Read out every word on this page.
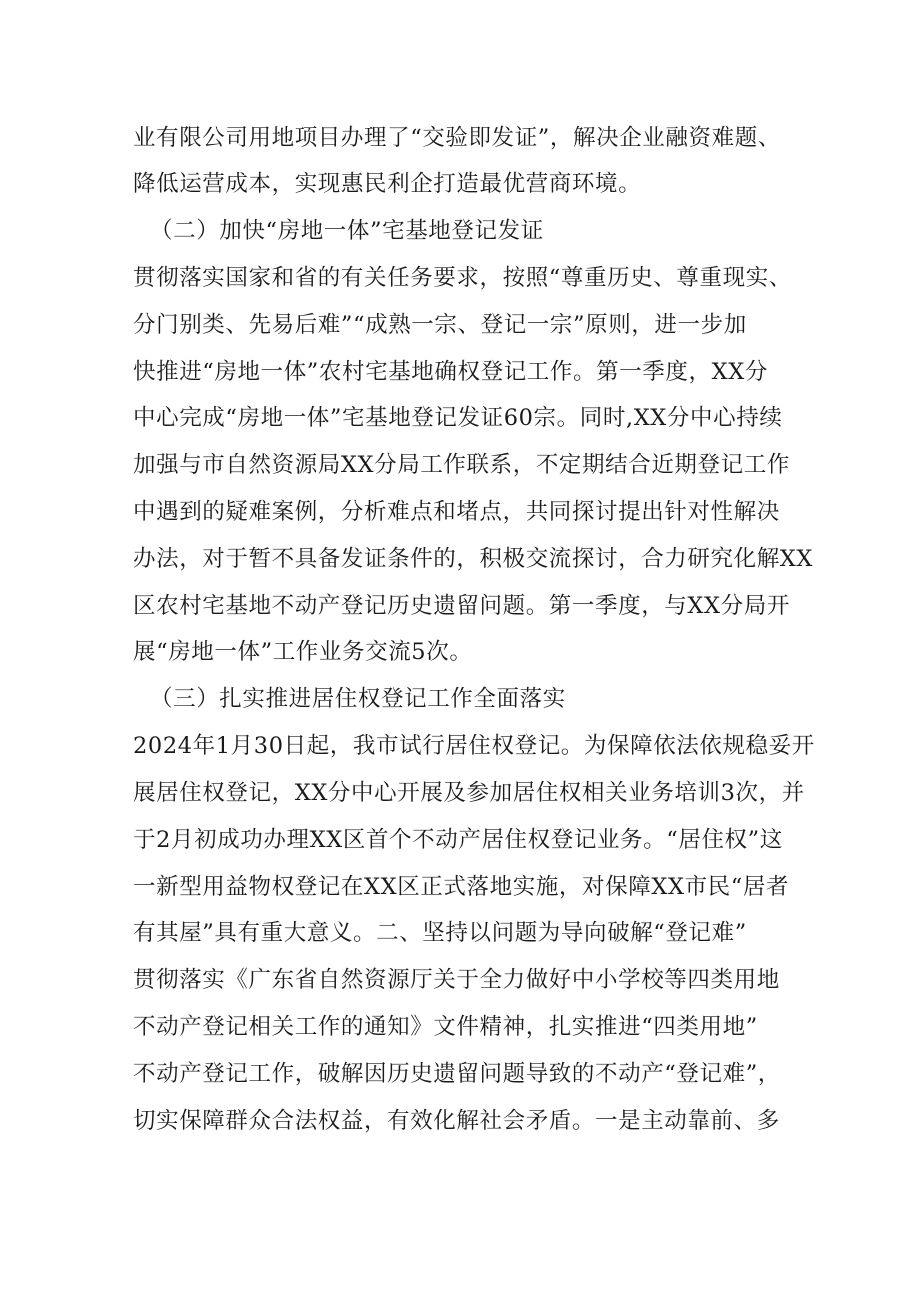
业有限公司用地项目办理了“交验即发证”，解决企业融资难题、
降低运营成本，实现惠民利企打造最优营商环境。
（二）加快“房地一体”宅基地登记发证
贯彻落实国家和省的有关任务要求，按照“尊重历史、尊重现实、
分门别类、先易后难”“成熟一宗、登记一宗”原则，进一步加
快推进“房地一体”农村宅基地确权登记工作。第一季度，XX分
中心完成“房地一体”宅基地登记发证60宗。同时,XX分中心持续
加强与市自然资源局XX分局工作联系，不定期结合近期登记工作
中遇到的疑难案例，分析难点和堵点，共同探讨提出针对性解决
办法，对于暂不具备发证条件的，积极交流探讨，合力研究化解XX
区农村宅基地不动产登记历史遗留问题。第一季度，与XX分局开
展“房地一体”工作业务交流5次。
（三）扎实推进居住权登记工作全面落实
2024年1月30日起，我市试行居住权登记。为保障依法依规稳妥开
展居住权登记，XX分中心开展及参加居住权相关业务培训3次，并
于2月初成功办理XX区首个不动产居住权登记业务。“居住权”这
一新型用益物权登记在XX区正式落地实施，对保障XX市民“居者
有其屋”具有重大意义。二、坚持以问题为导向破解“登记难”
贯彻落实《广东省自然资源厅关于全力做好中小学校等四类用地
不动产登记相关工作的通知》文件精神，扎实推进“四类用地”
不动产登记工作，破解因历史遗留问题导致的不动产“登记难”，
切实保障群众合法权益，有效化解社会矛盾。一是主动靠前、多
